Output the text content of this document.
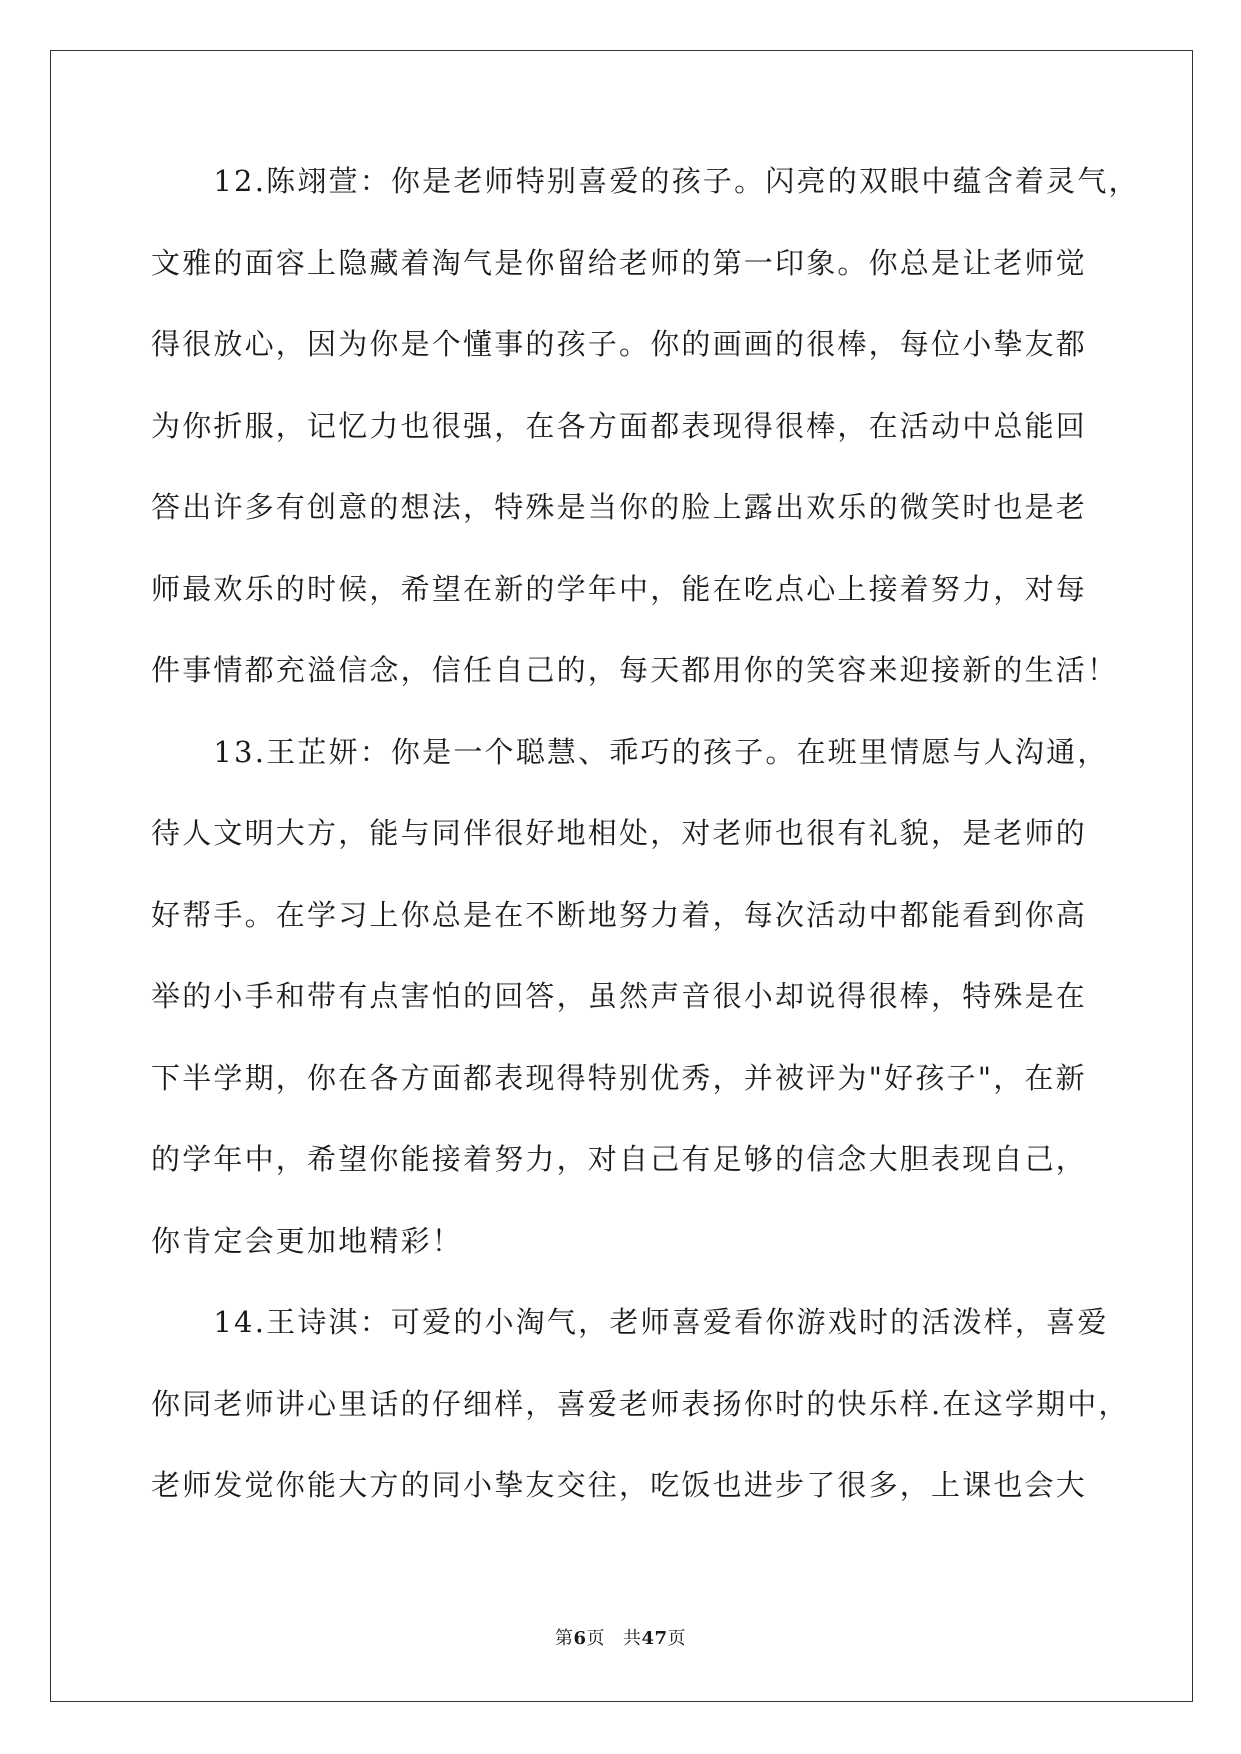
　　12.陈翊萱：你是老师特别喜爱的孩子。闪亮的双眼中蕴含着灵气，
文雅的面容上隐藏着淘气是你留给老师的第一印象。你总是让老师觉
得很放心，因为你是个懂事的孩子。你的画画的很棒，每位小挚友都
为你折服，记忆力也很强，在各方面都表现得很棒，在活动中总能回
答出许多有创意的想法，特殊是当你的脸上露出欢乐的微笑时也是老
师最欢乐的时候，希望在新的学年中，能在吃点心上接着努力，对每
件事情都充溢信念，信任自己的，每天都用你的笑容来迎接新的生活！
　　13.王芷妍：你是一个聪慧、乖巧的孩子。在班里情愿与人沟通，
待人文明大方，能与同伴很好地相处，对老师也很有礼貌，是老师的
好帮手。在学习上你总是在不断地努力着，每次活动中都能看到你高
举的小手和带有点害怕的回答，虽然声音很小却说得很棒，特殊是在
下半学期，你在各方面都表现得特别优秀，并被评为"好孩子"，在新
的学年中，希望你能接着努力，对自己有足够的信念大胆表现自己，
你肯定会更加地精彩！
　　14.王诗淇：可爱的小淘气，老师喜爱看你游戏时的活泼样，喜爱
你同老师讲心里话的仔细样，喜爱老师表扬你时的快乐样.在这学期中，
老师发觉你能大方的同小挚友交往，吃饭也进步了很多，上课也会大
第6页 共47页
